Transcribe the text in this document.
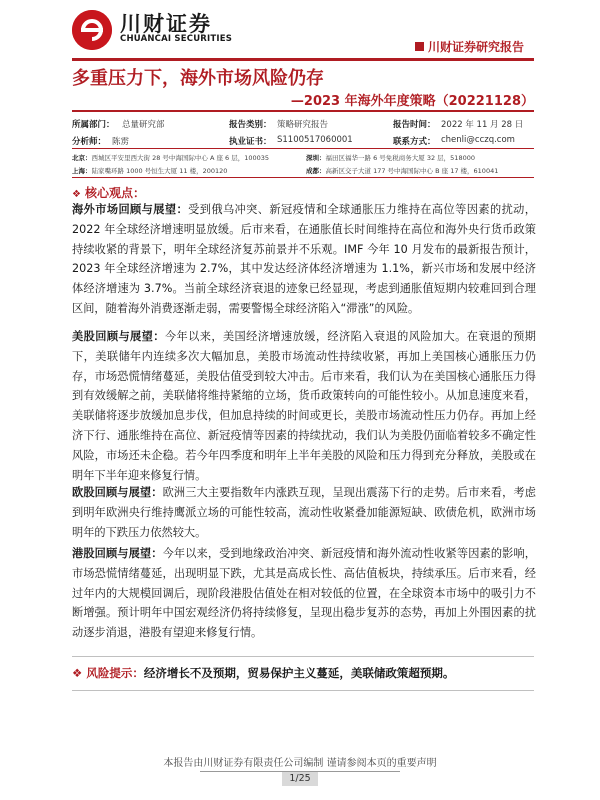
川财证券
CHUANCAI SECURITIES
川财证券研究报告
多重压力下，海外市场风险仍存
—2023 年海外年度策略（20221128）
所属部门： 总量研究部	报告类别： 策略研究报告	报告时间： 2022 年 11 月 28 日
分析师： 陈雳	执业证书： S1100517060001	联系方式： chenli@cczq.com
北京：西城区平安里西大街 28 号中海国际中心 A 座 6 层，100035	深圳：福田区福华一路 6 号免税商务大厦 32 层，518000
上海：陆家嘴环路 1000 号恒生大厦 11 楼，200120	成都：高新区交子大道 177 号中海国际中心 B 座 17 楼，610041
❖ 核心观点：
海外市场回顾与展望：受到俄乌冲突、新冠疫情和全球通胀压力维持在高位等因素的扰动，2022 年全球经济增速明显放缓。后市来看，在通胀值长时间维持在高位和海外央行货币政策持续收紧的背景下，明年全球经济复苏前景并不乐观。IMF 今年 10 月发布的最新报告预计，2023 年全球经济增速为 2.7%，其中发达经济体经济增速为 1.1%，新兴市场和发展中经济体经济增速为 3.7%。当前全球经济衰退的迹象已经显现，考虑到通胀值短期内较难回到合理区间，随着海外消费逐渐走弱，需要警惕全球经济陷入“滞涨”的风险。
美股回顾与展望：今年以来，美国经济增速放缓，经济陷入衰退的风险加大。在衰退的预期下，美联储年内连续多次大幅加息，美股市场流动性持续收紧，再加上美国核心通胀压力仍存，市场恐慌情绪蔓延，美股估值受到较大冲击。后市来看，我们认为在美国核心通胀压力得到有效缓解之前，美联储将维持紧缩的立场，货币政策转向的可能性较小。从加息速度来看，美联储将逐步放缓加息步伐，但加息持续的时间或更长，美股市场流动性压力仍存。再加上经济下行、通胀维持在高位、新冠疫情等因素的持续扰动，我们认为美股仍面临着较多不确定性风险，市场还未企稳。若今年四季度和明年上半年美股的风险和压力得到充分释放，美股或在明年下半年迎来修复行情。
欧股回顾与展望：欧洲三大主要指数年内涨跌互现，呈现出震荡下行的走势。后市来看，考虑到明年欧洲央行维持鹰派立场的可能性较高，流动性收紧叠加能源短缺、欧债危机，欧洲市场明年的下跌压力依然较大。
港股回顾与展望：今年以来，受到地缘政治冲突、新冠疫情和海外流动性收紧等因素的影响，市场恐慌情绪蔓延，出现明显下跌，尤其是高成长性、高估值板块，持续承压。后市来看，经过年内的大规模回调后，现阶段港股估值处在相对较低的位置，在全球资本市场中的吸引力不断增强。预计明年中国宏观经济仍将持续修复，呈现出稳步复苏的态势，再加上外围因素的扰动逐步消退，港股有望迎来修复行情。
❖ 风险提示：经济增长不及预期，贸易保护主义蔓延，美联储政策超预期。
本报告由川财证券有限责任公司编制 谨请参阅本页的重要声明
1/25
